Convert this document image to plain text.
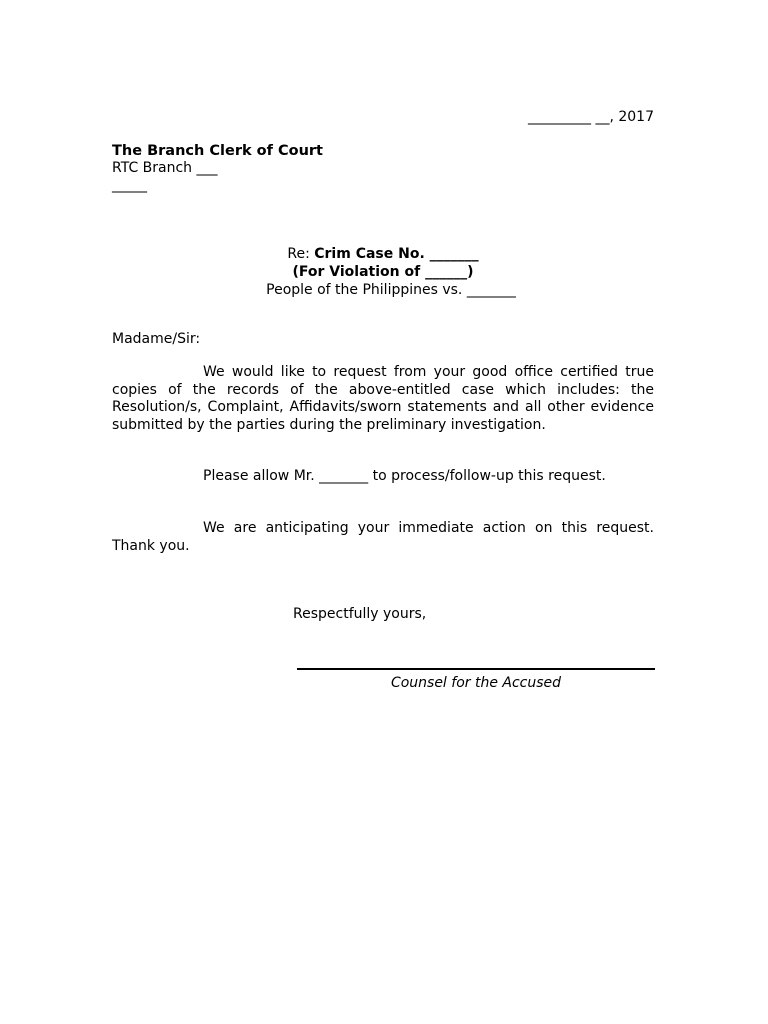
_________ __, 2017
The Branch Clerk of Court
RTC Branch ___
_____
Re: Crim Case No. _______
(For Violation of ______)
People of the Philippines vs. _______
Madame/Sir:
We would like to request from your good office certified true copies of the records of the above-entitled case which includes: the Resolution/s, Complaint, Affidavits/sworn statements and all other evidence submitted by the parties during the preliminary investigation.
Please allow Mr. _______ to process/follow-up this request.
We are anticipating your immediate action on this request. Thank you.
Respectfully yours,
Counsel for the Accused
